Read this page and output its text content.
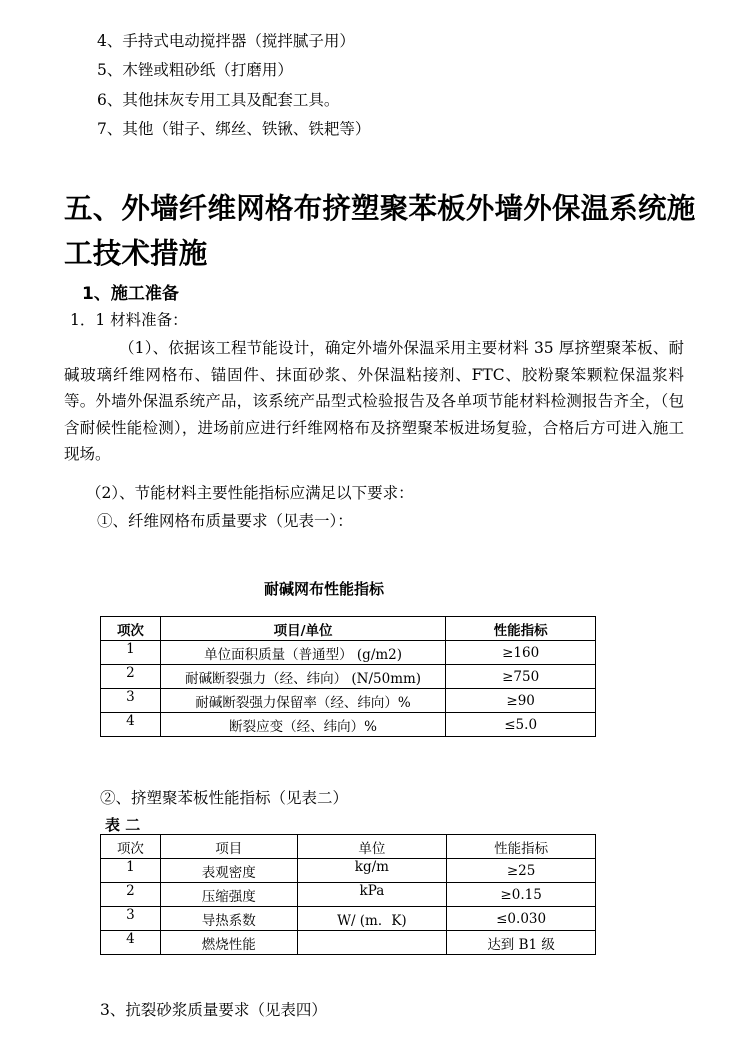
4、手持式电动搅拌器（搅拌腻子用）
5、木锉或粗砂纸（打磨用）
6、其他抹灰专用工具及配套工具。
7、其他（钳子、绑丝、铁锹、铁耙等）
五、外墙纤维网格布挤塑聚苯板外墙外保温系统施
工技术措施
1、施工准备
1．1 材料准备：
（1）、依据该工程节能设计，确定外墙外保温采用主要材料 35 厚挤塑聚苯板、耐碱玻璃纤维网格布、锚固件、抹面砂浆、外保温粘接剂、FTC、胶粉聚笨颗粒保温浆料等。外墙外保温系统产品，该系统产品型式检验报告及各单项节能材料检测报告齐全，（包含耐候性能检测），进场前应进行纤维网格布及挤塑聚苯板进场复验，合格后方可进入施工现场。
（2）、节能材料主要性能指标应满足以下要求：
①、纤维网格布质量要求（见表一）：
耐碱网布性能指标
项次	项目/单位	性能指标
1	单位面积质量（普通型） (g/m2)	≥160
2	耐碱断裂强力（经、纬向） (N/50mm)	≥750
3	耐碱断裂强力保留率（经、纬向）%	≥90
4	断裂应变（经、纬向）%	≤5.0
②、挤塑聚苯板性能指标（见表二）
表 二
项次	项目	单位	性能指标
1	表观密度	kg/m	≥25
2	压缩强度	kPa	≥0.15
3	导热系数	W/ (m．K)	≤0.030
4	燃烧性能		达到 B1 级
3、抗裂砂浆质量要求（见表四）
